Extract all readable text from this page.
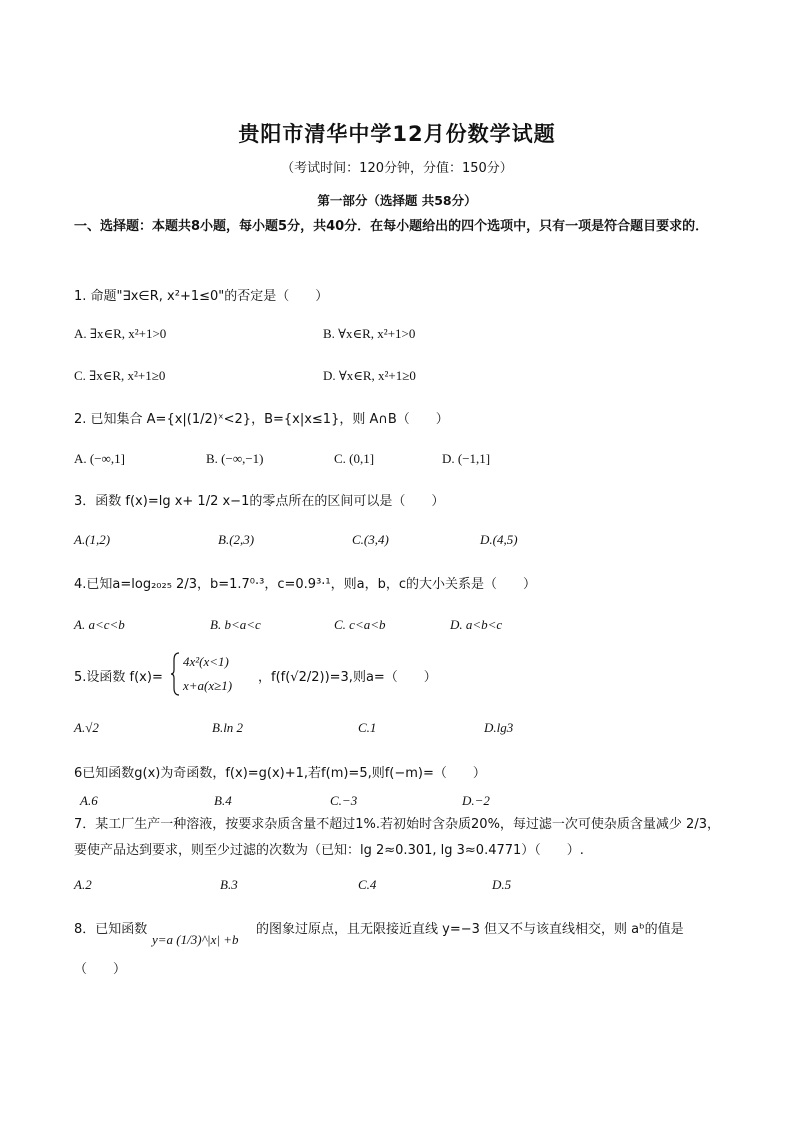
贵阳市清华中学12月份数学试题
（考试时间：120分钟，分值：150分）
第一部分（选择题 共58分）
一、选择题：本题共8小题，每小题5分，共40分．在每小题给出的四个选项中，只有一项是符合题目要求的．
1. 命题"∃x∈R, x²+1≤0"的否定是（　　）
A. ∃x∈R, x²+1>0	B. ∀x∈R, x²+1>0
C. ∃x∈R, x²+1≥0	D. ∀x∈R, x²+1≥0
2. 已知集合 A={x|(1/2)ˣ<2}，B={x|x≤1}，则 A∩B（　　）
A. (−∞,1]	B. (−∞,−1)	C. (0,1]	D. (−1,1]
3．函数 f(x)=lg x+ 1/2 x−1的零点所在的区间可以是（　　）
A.(1,2)	B.(2,3)	C.(3,4)	D.(4,5)
4.已知a=log₂₀₂₅ 2/3，b=1.7⁰·³，c=0.9³·¹，则a，b，c的大小关系是（　　）
A. a<c<b	B. b<a<c	C. c<a<b	D. a<b<c
5.设函数 f(x)=
4x²(x<1)
x+a(x≥1)
，f(f(√2/2))=3,则a=（　　）
A.√2	B.ln 2	C.1	D.lg3
6已知函数g(x)为奇函数，f(x)=g(x)+1,若f(m)=5,则f(−m)=（　　）
A.6	B.4	C.−3	D.−2
7．某工厂生产一种溶液，按要求杂质含量不超过1%.若初始时含杂质20%，每过滤一次可使杂质含量减少 2/3，要使产品达到要求，则至少过滤的次数为（已知：lg 2≈0.301, lg 3≈0.4771）（　　）.
A.2	B.3	C.4	D.5
8．已知函数
y=a (1/3)^|x| +b
的图象过原点，且无限接近直线 y=−3 但又不与该直线相交，则 aᵇ的值是
（　　）
